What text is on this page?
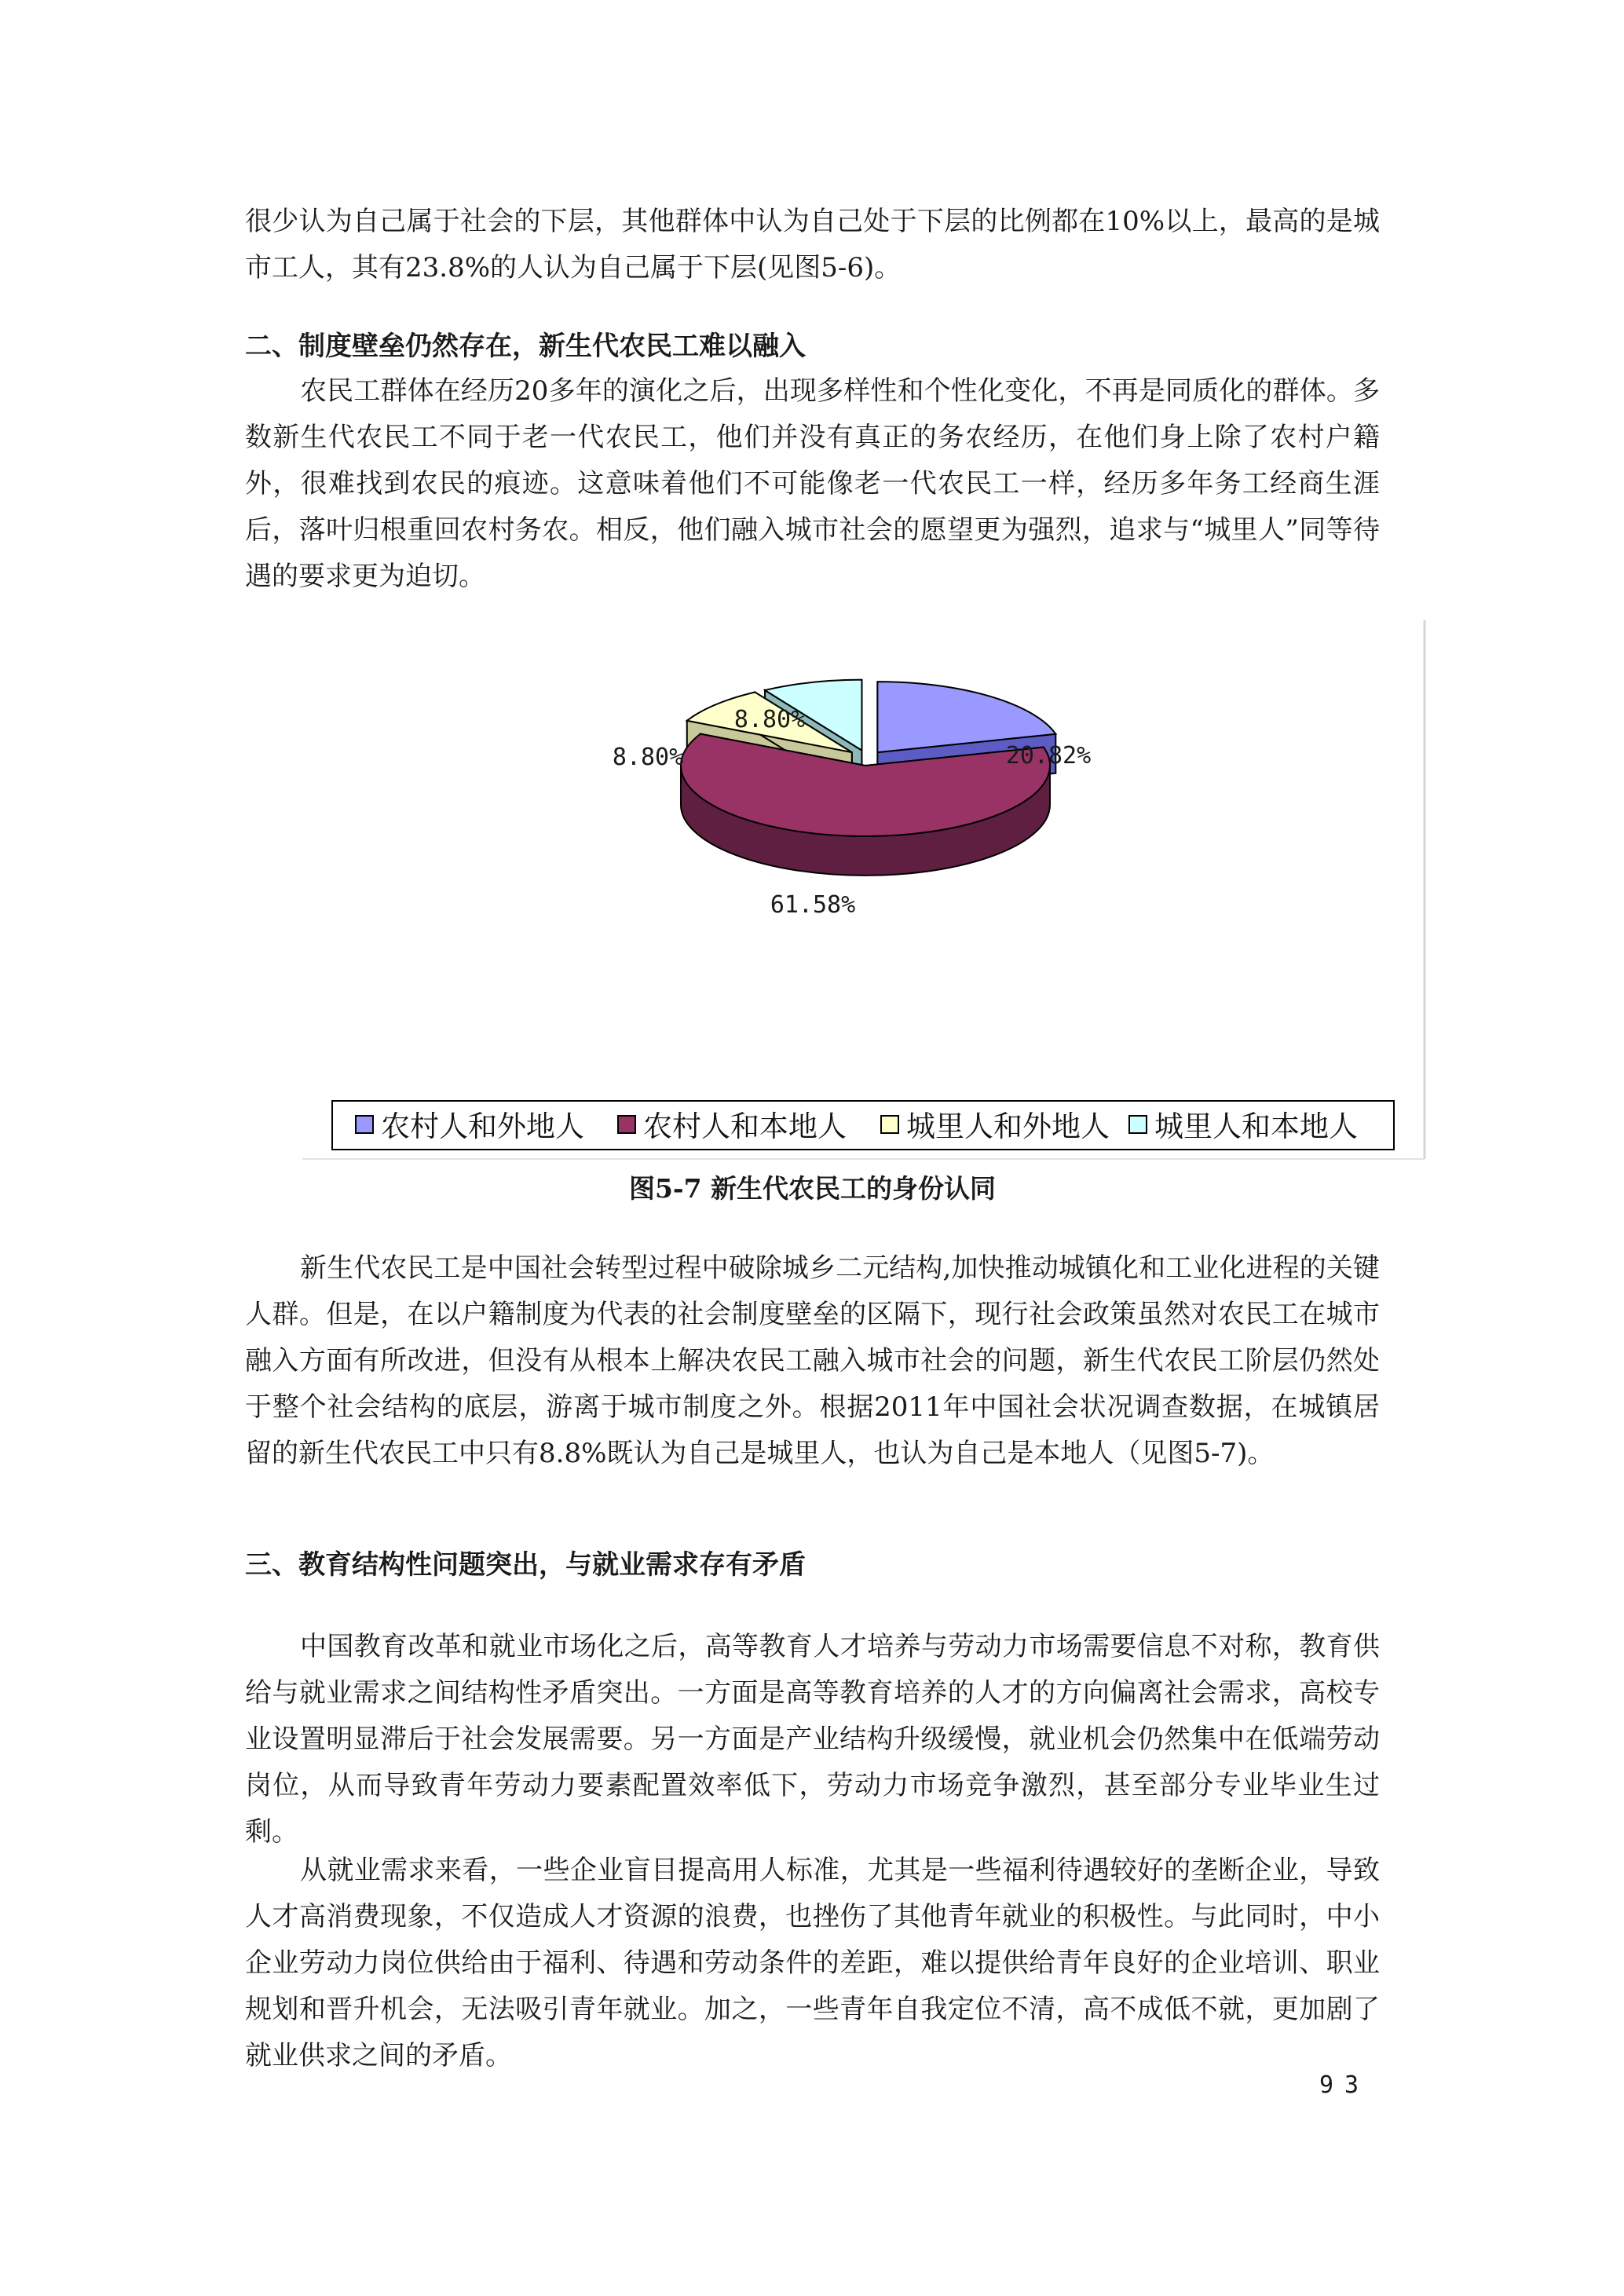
很少认为自己属于社会的下层，其他群体中认为自己处于下层的比例都在10%以上，最高的是城市工人，其有23.8%的人认为自己属于下层(见图5-6)。

二、制度壁垒仍然存在，新生代农民工难以融入

农民工群体在经历20多年的演化之后，出现多样性和个性化变化，不再是同质化的群体。多数新生代农民工不同于老一代农民工，他们并没有真正的务农经历，在他们身上除了农村户籍外，很难找到农民的痕迹。这意味着他们不可能像老一代农民工一样，经历多年务工经商生涯后，落叶归根重回农村务农。相反，他们融入城市社会的愿望更为强烈，追求与“城里人”同等待遇的要求更为迫切。

20.82%
61.58%
8.80%
8.80%
农村人和外地人 农村人和本地人 城里人和外地人 城里人和本地人

图5-7 新生代农民工的身份认同

新生代农民工是中国社会转型过程中破除城乡二元结构,加快推动城镇化和工业化进程的关键人群。但是，在以户籍制度为代表的社会制度壁垒的区隔下，现行社会政策虽然对农民工在城市融入方面有所改进，但没有从根本上解决农民工融入城市社会的问题，新生代农民工阶层仍然处于整个社会结构的底层，游离于城市制度之外。根据2011年中国社会状况调查数据，在城镇居留的新生代农民工中只有8.8%既认为自己是城里人，也认为自己是本地人（见图5-7)。

三、教育结构性问题突出，与就业需求存有矛盾

中国教育改革和就业市场化之后，高等教育人才培养与劳动力市场需要信息不对称，教育供给与就业需求之间结构性矛盾突出。一方面是高等教育培养的人才的方向偏离社会需求，高校专业设置明显滞后于社会发展需要。另一方面是产业结构升级缓慢，就业机会仍然集中在低端劳动岗位，从而导致青年劳动力要素配置效率低下，劳动力市场竞争激烈，甚至部分专业毕业生过剩。

从就业需求来看，一些企业盲目提高用人标准，尤其是一些福利待遇较好的垄断企业，导致人才高消费现象，不仅造成人才资源的浪费，也挫伤了其他青年就业的积极性。与此同时，中小企业劳动力岗位供给由于福利、待遇和劳动条件的差距，难以提供给青年良好的企业培训、职业规划和晋升机会，无法吸引青年就业。加之，一些青年自我定位不清，高不成低不就，更加剧了就业供求之间的矛盾。

93
